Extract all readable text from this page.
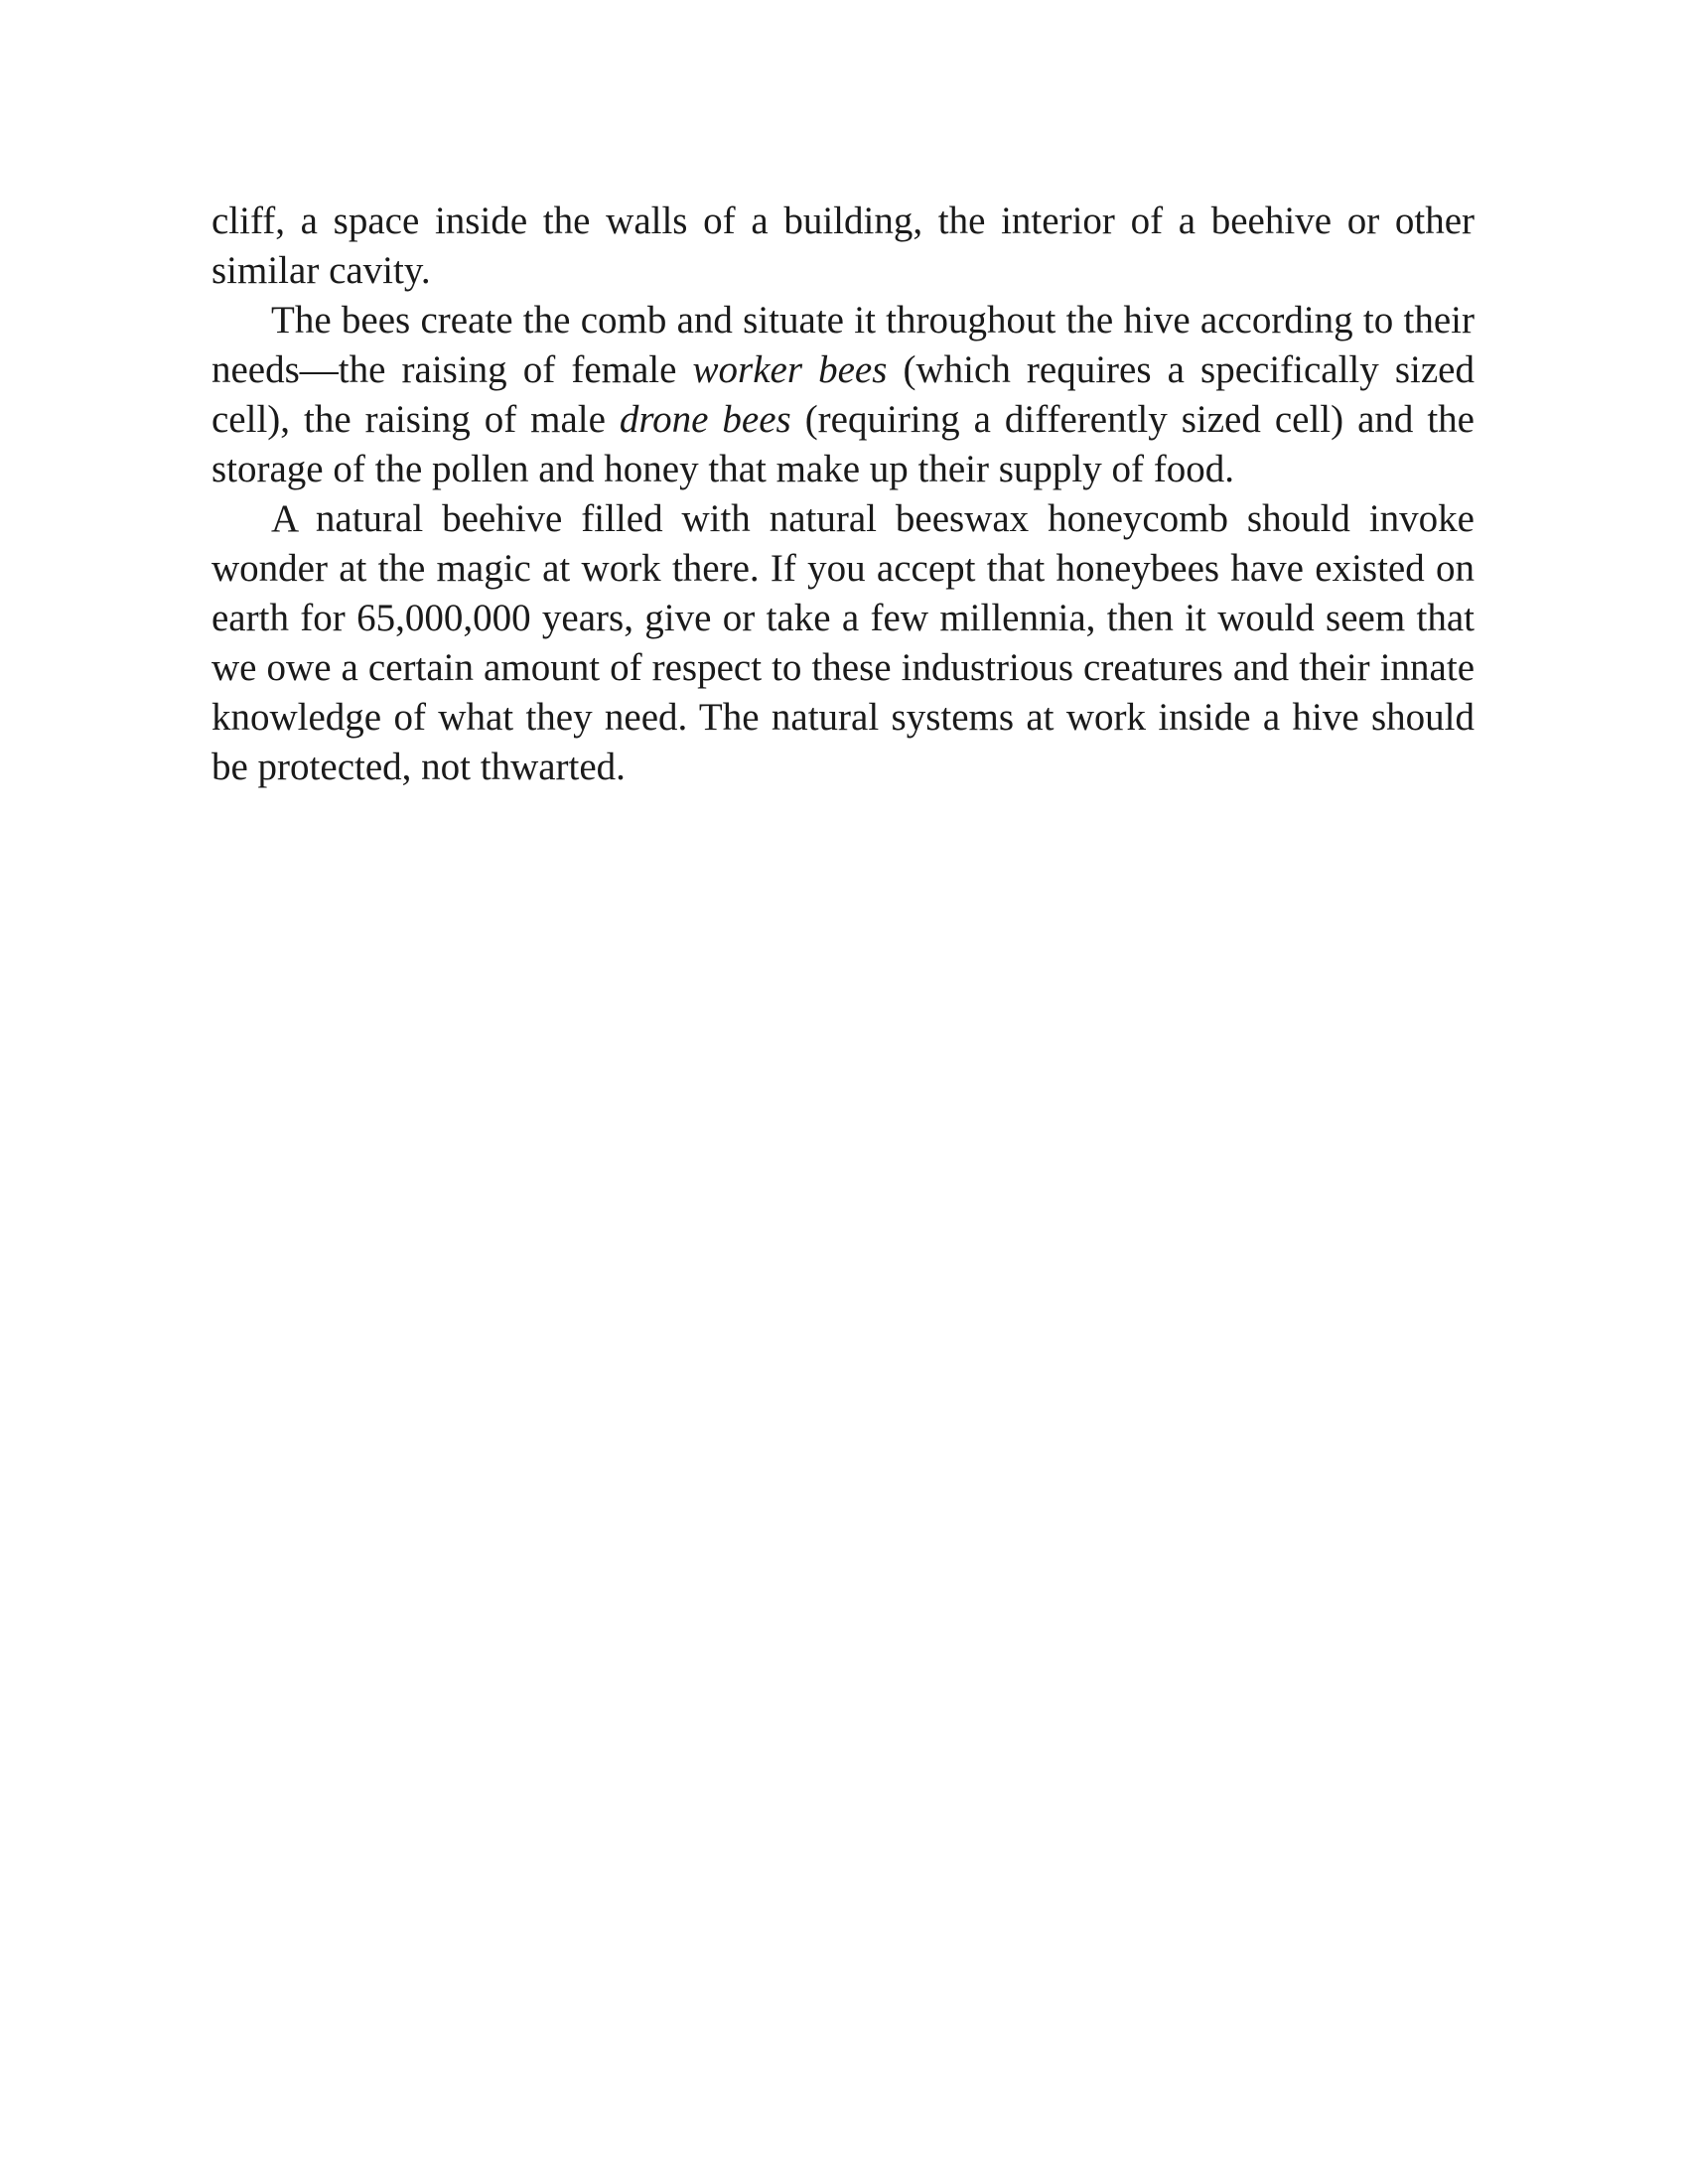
cliff, a space inside the walls of a building, the interior of a beehive or other similar cavity.

The bees create the comb and situate it throughout the hive according to their needs—the raising of female worker bees (which requires a specifically sized cell), the raising of male drone bees (requiring a differently sized cell) and the storage of the pollen and honey that make up their supply of food.

A natural beehive filled with natural beeswax honeycomb should invoke wonder at the magic at work there. If you accept that honeybees have existed on earth for 65,000,000 years, give or take a few millennia, then it would seem that we owe a certain amount of respect to these industrious creatures and their innate knowledge of what they need. The natural systems at work inside a hive should be protected, not thwarted.
